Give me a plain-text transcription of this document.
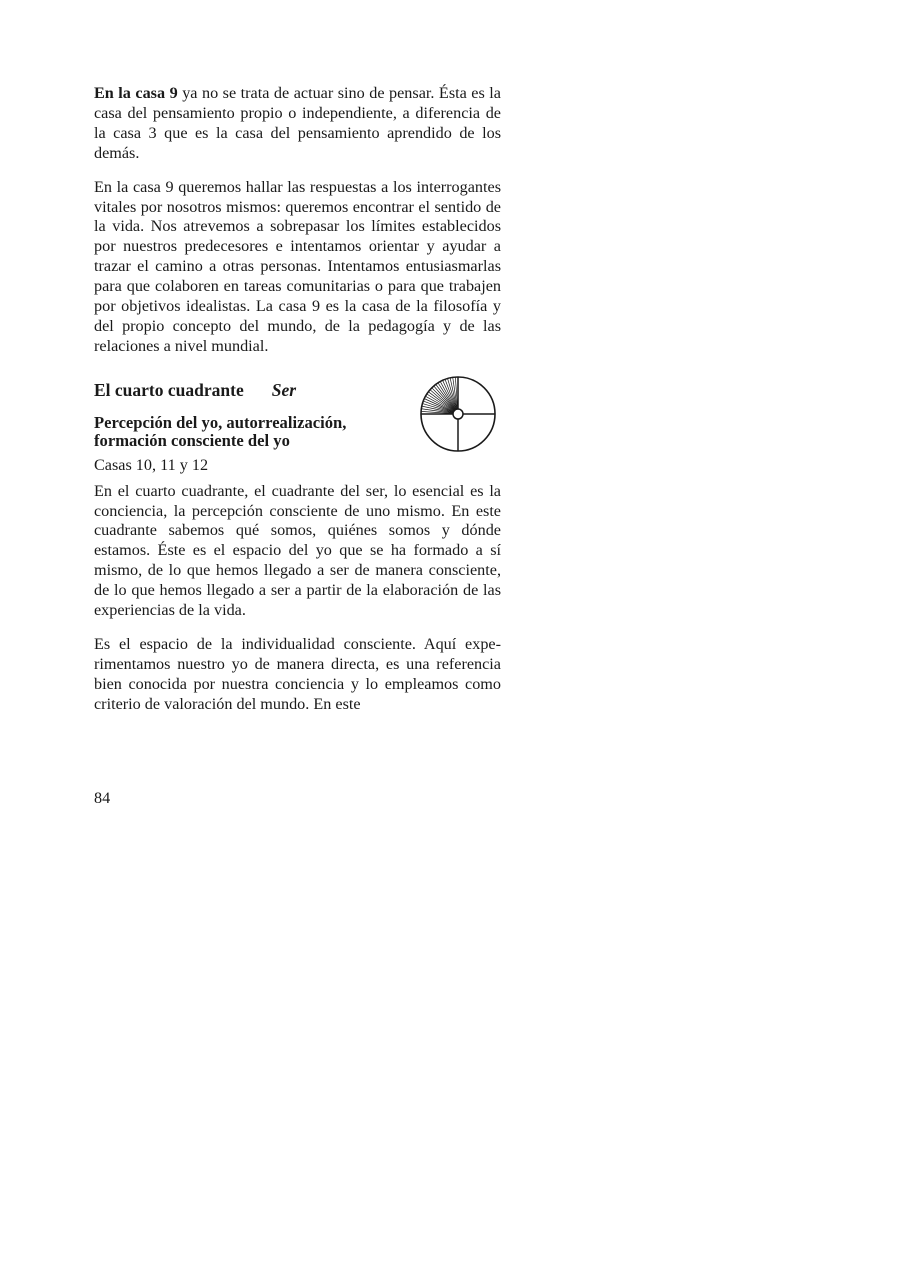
En la casa 9 ya no se trata de actuar sino de pensar. Ésta es la casa del pensamiento propio o independiente, a diferencia de la casa 3 que es la casa del pensamiento aprendido de los demás.

En la casa 9 queremos hallar las respuestas a los interrogantes vitales por nosotros mismos: queremos encontrar el sentido de la vida. Nos atrevemos a sobrepasar los límites establecidos por nuestros predecesores e intentamos orientar y ayudar a trazar el camino a otras personas. Intentamos entusiasmarlas para que colaboren en tareas comunitarias o para que trabajen por objetivos idealistas. La casa 9 es la casa de la filosofía y del propio concepto del mundo, de la pedagogía y de las relaciones a nivel mundial.

El cuarto cuadrante Ser
Percepción del yo, autorrealización,
formación consciente del yo
Casas 10, 11 y 12

En el cuarto cuadrante, el cuadrante del ser, lo esencial es la conciencia, la percepción consciente de uno mismo. En este cuadrante sabemos qué somos, quiénes somos y dónde estamos. Éste es el espacio del yo que se ha formado a sí mismo, de lo que hemos llegado a ser de manera consciente, de lo que hemos llegado a ser a partir de la elaboración de las experiencias de la vida.

Es el espacio de la individualidad consciente. Aquí experimentamos nuestro yo de manera directa, es una referencia bien conocida por nuestra conciencia y lo empleamos como criterio de valoración del mundo. En este

84
